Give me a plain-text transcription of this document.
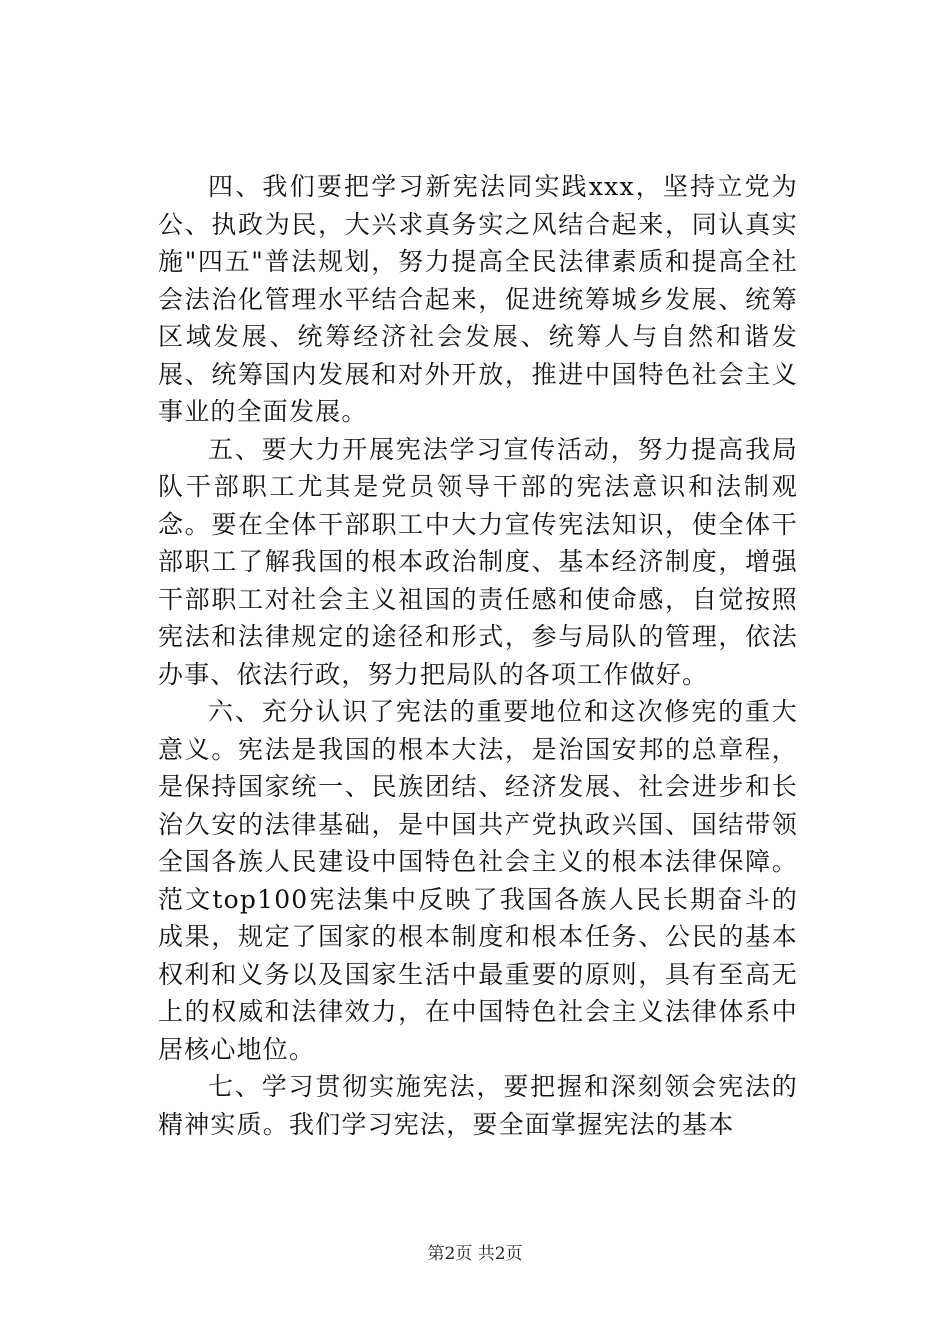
四、我们要把学习新宪法同实践xxx，坚持立党为公、执政为民，大兴求真务实之风结合起来，同认真实施"四五"普法规划，努力提高全民法律素质和提高全社会法治化管理水平结合起来，促进统筹城乡发展、统筹区域发展、统筹经济社会发展、统筹人与自然和谐发展、统筹国内发展和对外开放，推进中国特色社会主义事业的全面发展。

五、要大力开展宪法学习宣传活动，努力提高我局队干部职工尤其是党员领导干部的宪法意识和法制观念。要在全体干部职工中大力宣传宪法知识，使全体干部职工了解我国的根本政治制度、基本经济制度，增强干部职工对社会主义祖国的责任感和使命感，自觉按照宪法和法律规定的途径和形式，参与局队的管理，依法办事、依法行政，努力把局队的各项工作做好。

六、充分认识了宪法的重要地位和这次修宪的重大意义。宪法是我国的根本大法，是治国安邦的总章程，是保持国家统一、民族团结、经济发展、社会进步和长治久安的法律基础，是中国共产党执政兴国、国结带领全国各族人民建设中国特色社会主义的根本法律保障。范文top100宪法集中反映了我国各族人民长期奋斗的成果，规定了国家的根本制度和根本任务、公民的基本权利和义务以及国家生活中最重要的原则，具有至高无上的权威和法律效力，在中国特色社会主义法律体系中居核心地位。

七、学习贯彻实施宪法，要把握和深刻领会宪法的精神实质。我们学习宪法，要全面掌握宪法的基本

第2页 共2页
